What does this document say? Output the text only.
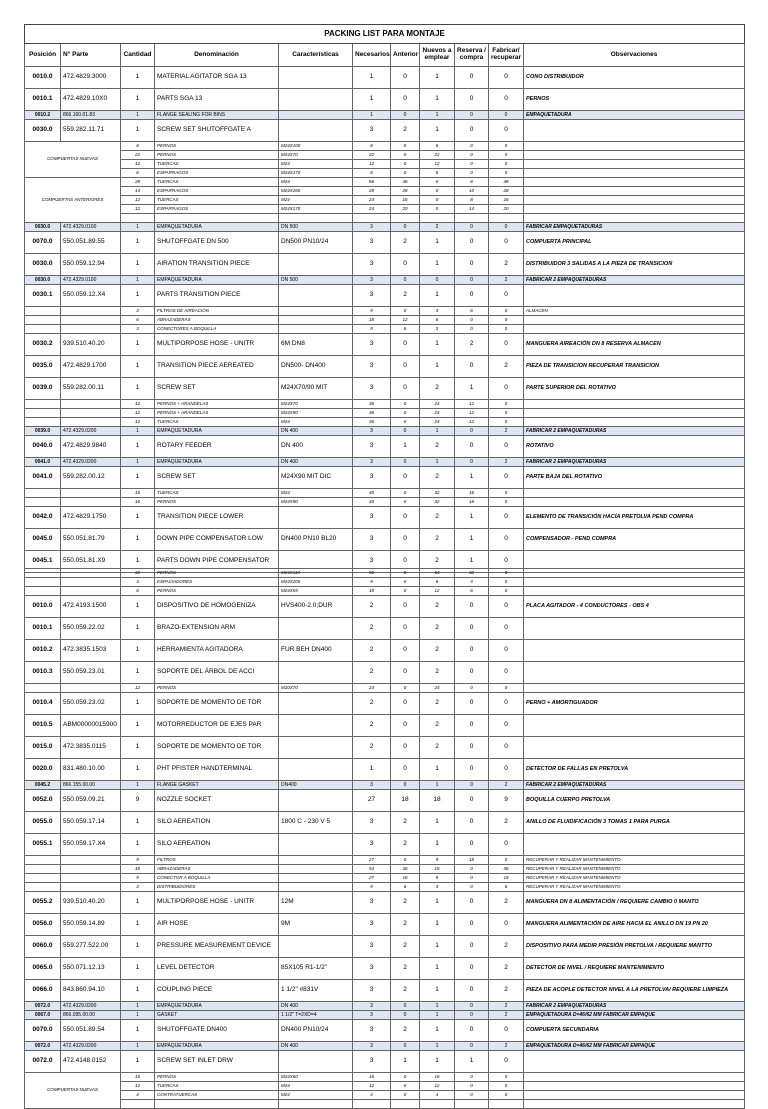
PACKING LIST PARA MONTAJE										
Posición	N° Parte	Cantidad	Denominación	Características	Necesarios	Anterior	Nuevos a emplear	Reserva / compra	Fabricar/ recuperar	Observaciones
0010.0	472.4829.3000	1	MATERIAL AGITATOR SGA 13		1	0	1	0	0	CONO DISTRIBUIDOR
0010.1	472.4829.10X0	1	PARTS SGA 13		1	0	1	0	0	PERNOS
0010.2	866.160.01.83	1	FLANGE SEALING FOR BINS		1	0	1	0	0	EMPAQUETADURA
0030.0	559.282.11.71	1	SCREW SET SHUTOFFGATE A		3	2	1	0	0	
COMPUERTAS NUEVAS		6	PERNOS	M24X100	6	0	6	0	0	
		22	PERNOS	M24X70	22	0	22	0	0	
		12	TUERCAS	M24	12	0	12	0	0	
		6	ESPARRAGOS	M24X170	6	0	6	0	0	
COMPUERTAS ANTERIORES		28	TUERCAS	M24	56	48	0	8	48	
		14	ESPARRAGOS	M24X265	28	28	0	10	28	
		12	TUERCAS	M24	24	16	0	8	16	
		12	ESPARRAGOS	M24X170	24	20	0	14	20	

0030.0	472.4329.0100	1	EMPAQUETADURA	DN 500	3	0	2	0	0	FABRICAR EMPAQUETADURAS
0070.0	550.051.89.55	1	SHUTOFFGATE DN 500	DN500 PN10/24	3	2	1	0	0	COMPUERTA PRINCIPAL
0030.0	550.059.12.94	1	AIRATION TRANSITION PIECE		3	0	1	0	2	DISTRIBUIDOR 3 SALIDAS A LA PIEZA DE TRANSICION
0030.0	472.4329.0100	1	EMPAQUETADURA	DN 500	3	0	0	0	2	FABRICAR 2 EMPAQUETADURAS
0030.1	550.059.12.X4	1	PARTS TRANSITION PIECE		3	2	1	0	0	
		3	FILTROS DE AIREACIÓN		9	0	3	6	0	ALMACEN
		6	ABRAZADERAS		18	12	6	0	0	
		3	CONECTORES A BOQUILLA		9	6	3	0	0	
0030.2	939.510.40.20	1	MULTIPORPOSE HOSE - UNITR	6M DN8	3	0	1	2	0	MANGUERA AIREACIÓN DN 8 RESERVA ALMACEN
0035.0	472.4829.1700	1	TRANSITION PIECE AEREATED	DN500- DN400	3	0	1	0	2	PIEZA DE TRANSICION RECUPERAR TRANSICION
0039.0	559.282.00.11	1	SCREW SET	M24X70/90 MIT	3	0	2	1	0	PARTE SUPERIOR DEL ROTATIVO
		12	PERNOS + ARANDELAS	M24X70	36	0	24	12	0	
		12	PERNOS + ARANDELAS	M24X90	36	0	24	12	0	
		12	TUERCAS	M24	36	0	24	12	0	
0039.0	472.4329.0200	1	EMPAQUETADURA	DN 400	3	0	1	0	2	FABRICAR 2 EMPAQUETADURAS
0040.0	472.4829.9840	1	ROTARY FEEDER	DN 400	3	1	2	0	0	ROTATIVO
0041.0	472.4329.0200	1	EMPAQUETADURA	DN 400	3	0	1	0	2	FABRICAR 2 EMPAQUETADURAS
0041.0	559.282.00.12	1	SCREW SET	M24X90 MIT DIC	3	0	2	1	0	PARTE BAJA DEL ROTATIVO
		16	TUERCAS	M24	48	0	32	16	0	
		16	PERNOS	M24X90	48	0	32	16	0	
0042.0	472.4829.1750	1	TRANSITION PIECE LOWER		3	0	2	1	0	ELEMENTO DE TRANSICIÓN HACÍA PRETOLVA PEND COMPRA
0045.0	550.051.81.79	1	DOWN PIPE COMPENSATOR LOW	DN400 PN10 BL20	3	0	2	1	0	COMPENSADOR - PEND COMPRA
0045.1	550.051.81.X9	1	PARTS DOWN PIPE COMPENSATOR		3	0	2	1	0	
		32	PERNOS	M24X110	96	0	64	32	0	
		3	ESPACIADORES	M24X205	9	0	6	3	0	
		6	PERNOS	M24X55	18	0	12	6	0	
0010.0	472.4193.1500	1	DISPOSITIVO DE HOMOGENIZA	HVS400-2.0;DUR	2	0	2	0	0	PLACA AGITADOR - 4 CONDUCTORES - OBS 4
0010.1	550.059.22.02	1	BRAZO-EXTENSION ARM		2	0	2	0	0	
0010.2	472.3835.1503	1	HERRAMIENTA AGITADORA	FUR BEH DN400	2	0	2	0	0	
0010.3	550.059.23.01	1	SOPORTE DEL ÁRBOL DE ACCI		2	0	2	0	0	
		12	PERNOS	M20X70	24	0	24	0	0	
0010.4	550.059.23.02	1	SOPORTE DE MOMENTO DE TOR		2	0	2	0	0	PERNO + AMORTIGUADOR
0010.5	ABM00000015900	1	MOTORREDUCTOR DE EJES PAR		2	0	2	0	0	
0015.0	472.3835.0115	1	SOPORTE DE MOMENTO DE TOR		2	0	2	0	0	
0020.0	831.480.10.00	1	PHT PFISTER HANDTERMINAL		1	0	1	0	0	DETECTOR DE FALLAS EN PRETOLVA
0045.2	866.155.00.00	1	FLANGE GASKET	DN400	3	0	1	0	2	FABRICAR 2 EMPAQUETADURAS
0052.0	550.059.09.21	9	NOZZLE SOCKET		27	18	18	0	9	BOQUILLA CUERPO PRETOLVA
0055.0	550.059.17.14	1	SILO AEREATION	1800 C - 230 V 5	3	2	1	0	2	ANILLO DE FLUIDIFICACIÓN 3 TOMAS 1 PARA PURGA
0055.1	550.059.17.X4	1	SILO AEREATION		3	2	1	0	0	
		9	FILTROS		27	0	9	18	0	RECUPERAR Y REALIZAR MANTENIMIENTO
		18	ABRAZADERAS		54	36	18	0	36	RECUPERAR Y REALIZAR MANTENIMIENTO
		9	CONECTOR A BOQUILLA		27	18	9	0	18	RECUPERAR Y REALIZAR MANTENIMIENTO
		3	DISTRIBUIDORES		9	6	3	0	6	RECUPERAR Y REALIZAR MANTENIMIENTO
0055.2	939.510.40.20	1	MULTIPORPOSE HOSE - UNITR	12M	3	2	1	0	2	MANGUERA DN 8 ALIMENTACIÓN / REQUIERE CAMBIO 0 MANTO
0056.0	550.059.14.89	1	AIR HOSE	9M	3	2	1	0	0	MANGUERA ALIMENTACIÓN DE AIRE HACIA EL ANILLO DN 19 PN 20
0060.0	559.277.522.00	1	PRESSURE MEASUREMENT DEVICE		3	2	1	0	2	DISPOSITIVO PARA MEDIR PRESIÓN PRETOLVA / REQUIERE MANTTO
0065.0	550.071.12.13	1	LEVEL DETECTOR	85X105 R1-1/2"	3	2	1	0	2	DETECTOR DE NIVEL / REQUIERE MANTENIMIENTO
0066.0	843.860.94.10	1	COUPLING PIECE	1 1/2" #831V	3	2	1	0	2	PIEZA DE ACOPLE DETECTOR NIVEL A LA PRETOLVA/ REQUIERE LIMPIEZA
0072.0	472.4329.0200	1	EMPAQUETADURA	DN 400	3	0	1	0	2	FABRICAR 2 EMPAQUETADURAS
0067.0	866.095.00.00	1	GASKET	1 1/2" T=2XD=4	3	0	1	0	2	EMPAQUETADURA D=46/62 MM FABRICAR EMPAQUE
0070.0	550.051.89.54	1	SHUTOFFGATE DN400	DN400 PN10/24	3	2	1	0	0	COMPUERTA SECUNDARIA
0072.0	472.4329.0200	1	EMPAQUETADURA	DN 400	3	0	1	0	2	EMPAQUETADURA D=46/62 MM FABRICAR EMPAQUE
0072.0	472.4148.0152	1	SCREW SET INLET DRW		3	1	1	1	0	
COMPUERTAS NUEVAS		16	PERNOS	M24X60	16	0	16	0	0	
		12	TUERCAS	M24	12	0	12	0	0	
		4	CONTRATUERCAS	M24	4	0	4	0	0	
